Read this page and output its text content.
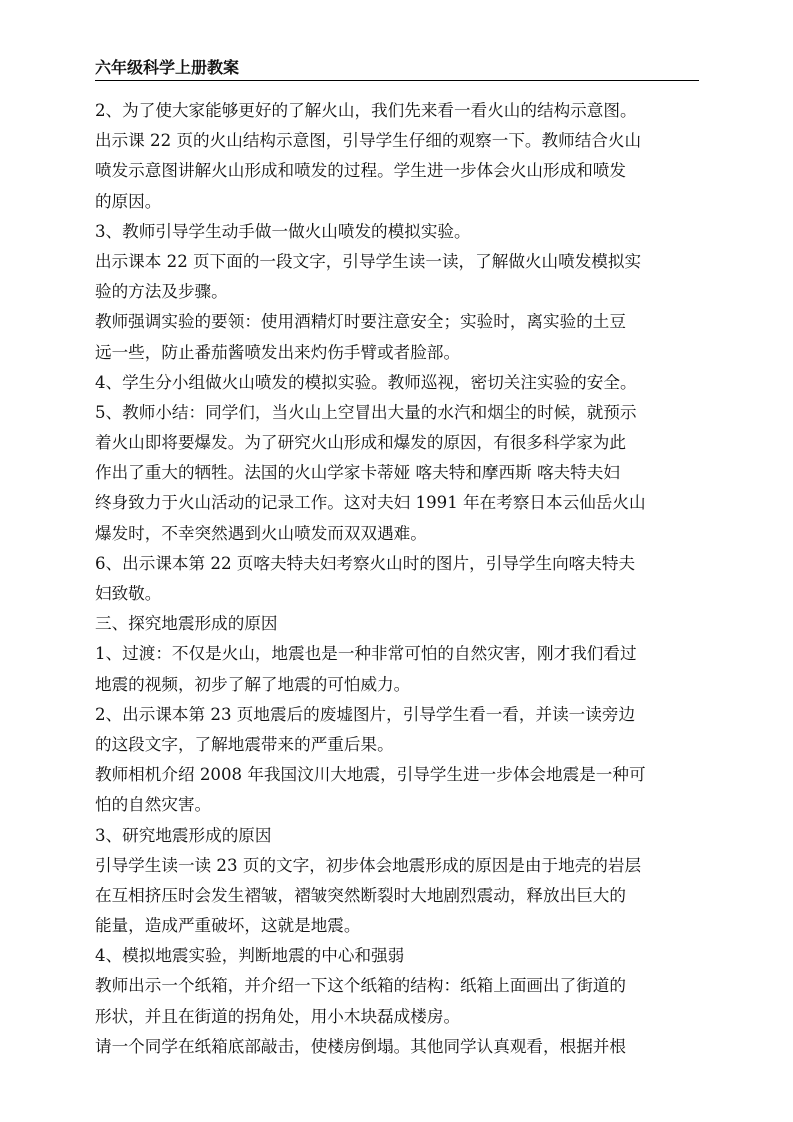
六年级科学上册教案
2、为了使大家能够更好的了解火山，我们先来看一看火山的结构示意图。
出示课 22 页的火山结构示意图，引导学生仔细的观察一下。教师结合火山
喷发示意图讲解火山形成和喷发的过程。学生进一步体会火山形成和喷发
的原因。
3、教师引导学生动手做一做火山喷发的模拟实验。
出示课本 22 页下面的一段文字，引导学生读一读，了解做火山喷发模拟实
验的方法及步骤。
教师强调实验的要领：使用酒精灯时要注意安全；实验时，离实验的土豆
远一些，防止番茄酱喷发出来灼伤手臂或者脸部。
4、学生分小组做火山喷发的模拟实验。教师巡视，密切关注实验的安全。
5、教师小结：同学们，当火山上空冒出大量的水汽和烟尘的时候，就预示
着火山即将要爆发。为了研究火山形成和爆发的原因，有很多科学家为此
作出了重大的牺牲。法国的火山学家卡蒂娅 喀夫特和摩西斯 喀夫特夫妇
终身致力于火山活动的记录工作。这对夫妇 1991 年在考察日本云仙岳火山
爆发时，不幸突然遇到火山喷发而双双遇难。
6、出示课本第 22 页喀夫特夫妇考察火山时的图片，引导学生向喀夫特夫
妇致敬。
三、探究地震形成的原因
1、过渡：不仅是火山，地震也是一种非常可怕的自然灾害，刚才我们看过
地震的视频，初步了解了地震的可怕威力。
2、出示课本第 23 页地震后的废墟图片，引导学生看一看，并读一读旁边
的这段文字，了解地震带来的严重后果。
教师相机介绍 2008 年我国汶川大地震，引导学生进一步体会地震是一种可
怕的自然灾害。
3、研究地震形成的原因
引导学生读一读 23 页的文字，初步体会地震形成的原因是由于地壳的岩层
在互相挤压时会发生褶皱，褶皱突然断裂时大地剧烈震动，释放出巨大的
能量，造成严重破坏，这就是地震。
4、模拟地震实验，判断地震的中心和强弱
教师出示一个纸箱，并介绍一下这个纸箱的结构：纸箱上面画出了街道的
形状，并且在街道的拐角处，用小木块磊成楼房。
请一个同学在纸箱底部敲击，使楼房倒塌。其他同学认真观看，根据并根
